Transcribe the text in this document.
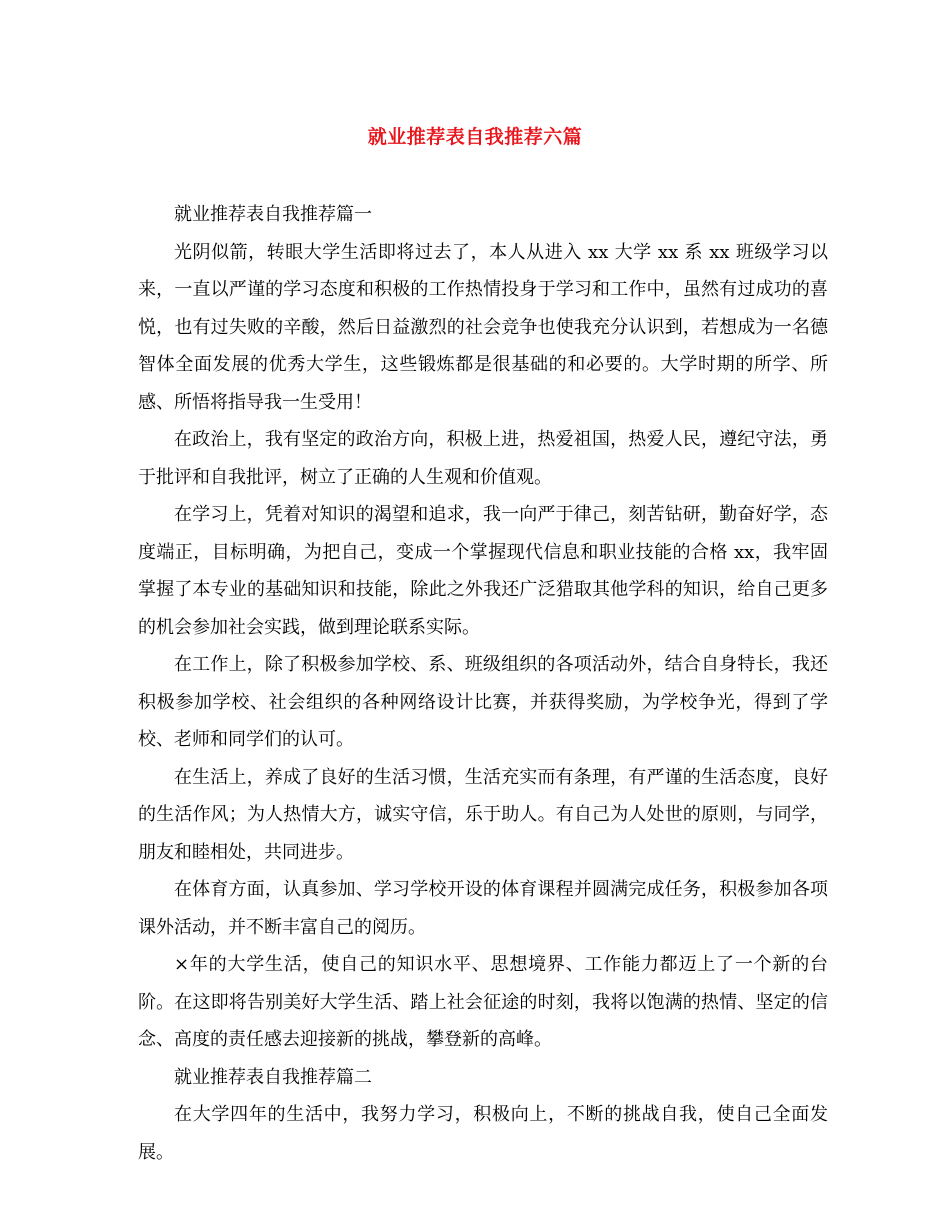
就业推荐表自我推荐六篇

就业推荐表自我推荐篇一

光阴似箭，转眼大学生活即将过去了，本人从进入 xx 大学 xx 系 xx 班级学习以来，一直以严谨的学习态度和积极的工作热情投身于学习和工作中，虽然有过成功的喜悦，也有过失败的辛酸，然后日益激烈的社会竞争也使我充分认识到，若想成为一名德智体全面发展的优秀大学生，这些锻炼都是很基础的和必要的。大学时期的所学、所感、所悟将指导我一生受用！

在政治上，我有坚定的政治方向，积极上进，热爱祖国，热爱人民，遵纪守法，勇于批评和自我批评，树立了正确的人生观和价值观。

在学习上，凭着对知识的渴望和追求，我一向严于律己，刻苦钻研，勤奋好学，态度端正，目标明确，为把自己，变成一个掌握现代信息和职业技能的合格 xx，我牢固掌握了本专业的基础知识和技能，除此之外我还广泛猎取其他学科的知识，给自己更多的机会参加社会实践，做到理论联系实际。

在工作上，除了积极参加学校、系、班级组织的各项活动外，结合自身特长，我还积极参加学校、社会组织的各种网络设计比赛，并获得奖励，为学校争光，得到了学校、老师和同学们的认可。

在生活上，养成了良好的生活习惯，生活充实而有条理，有严谨的生活态度，良好的生活作风；为人热情大方，诚实守信，乐于助人。有自己为人处世的原则，与同学，朋友和睦相处，共同进步。

在体育方面，认真参加、学习学校开设的体育课程并圆满完成任务，积极参加各项课外活动，并不断丰富自己的阅历。

×年的大学生活，使自己的知识水平、思想境界、工作能力都迈上了一个新的台阶。在这即将告别美好大学生活、踏上社会征途的时刻，我将以饱满的热情、坚定的信念、高度的责任感去迎接新的挑战，攀登新的高峰。

就业推荐表自我推荐篇二

在大学四年的生活中，我努力学习，积极向上，不断的挑战自我，使自己全面发展。
